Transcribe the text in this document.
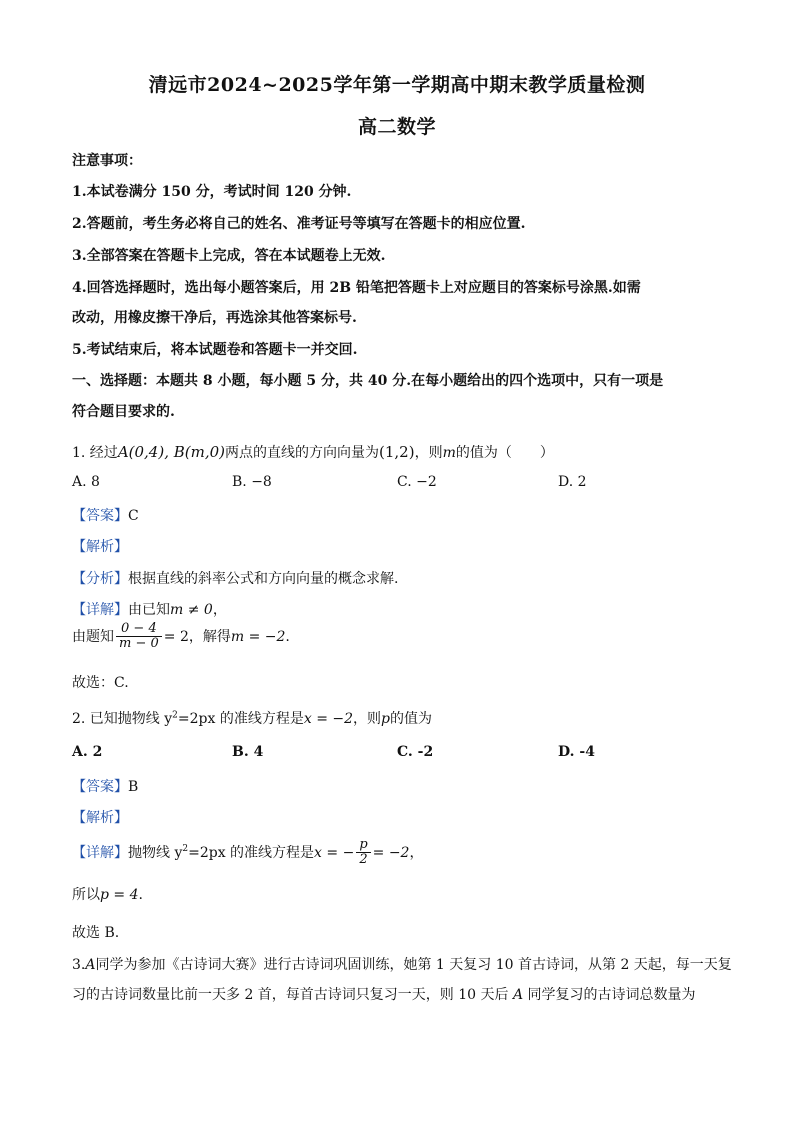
清远市2024~2025学年第一学期高中期末教学质量检测
高二数学
注意事项：
1.本试卷满分 150 分，考试时间 120 分钟.
2.答题前，考生务必将自己的姓名、准考证号等填写在答题卡的相应位置.
3.全部答案在答题卡上完成，答在本试题卷上无效.
4.回答选择题时，选出每小题答案后，用 2B 铅笔把答题卡上对应题目的答案标号涂黑.如需
改动，用橡皮擦干净后，再选涂其他答案标号.
5.考试结束后，将本试题卷和答题卡一并交回.
一、选择题：本题共 8 小题，每小题 5 分，共 40 分.在每小题给出的四个选项中，只有一项是
符合题目要求的.
1. 经过A(0,4), B(m,0)两点的直线的方向向量为(1,2)，则m的值为（　　）
A. 8	B. −8	C. −2	D. 2
【答案】C
【解析】
【分析】根据直线的斜率公式和方向向量的概念求解.
【详解】由已知m ≠ 0，
由题知 $\frac{0 - 4}{m - 0} = 2$，解得m = −2.
故选：C.
2. 已知抛物线 $y^2=2px$ 的准线方程是x = −2，则p的值为
A. 2	B. 4	C. -2	D. -4
【答案】B
【解析】
【详解】抛物线 $y^2=2px$ 的准线方程是x = − $\frac{p}{2} = -2$，
所以p = 4.
故选 B.
3.𝐴同学为参加《古诗词大赛》进行古诗词巩固训练，她第 1 天复习 10 首古诗词，从第 2 天起，每一天复
习的古诗词数量比前一天多 2 首，每首古诗词只复习一天，则 10 天后 𝐴 同学复习的古诗词总数量为
